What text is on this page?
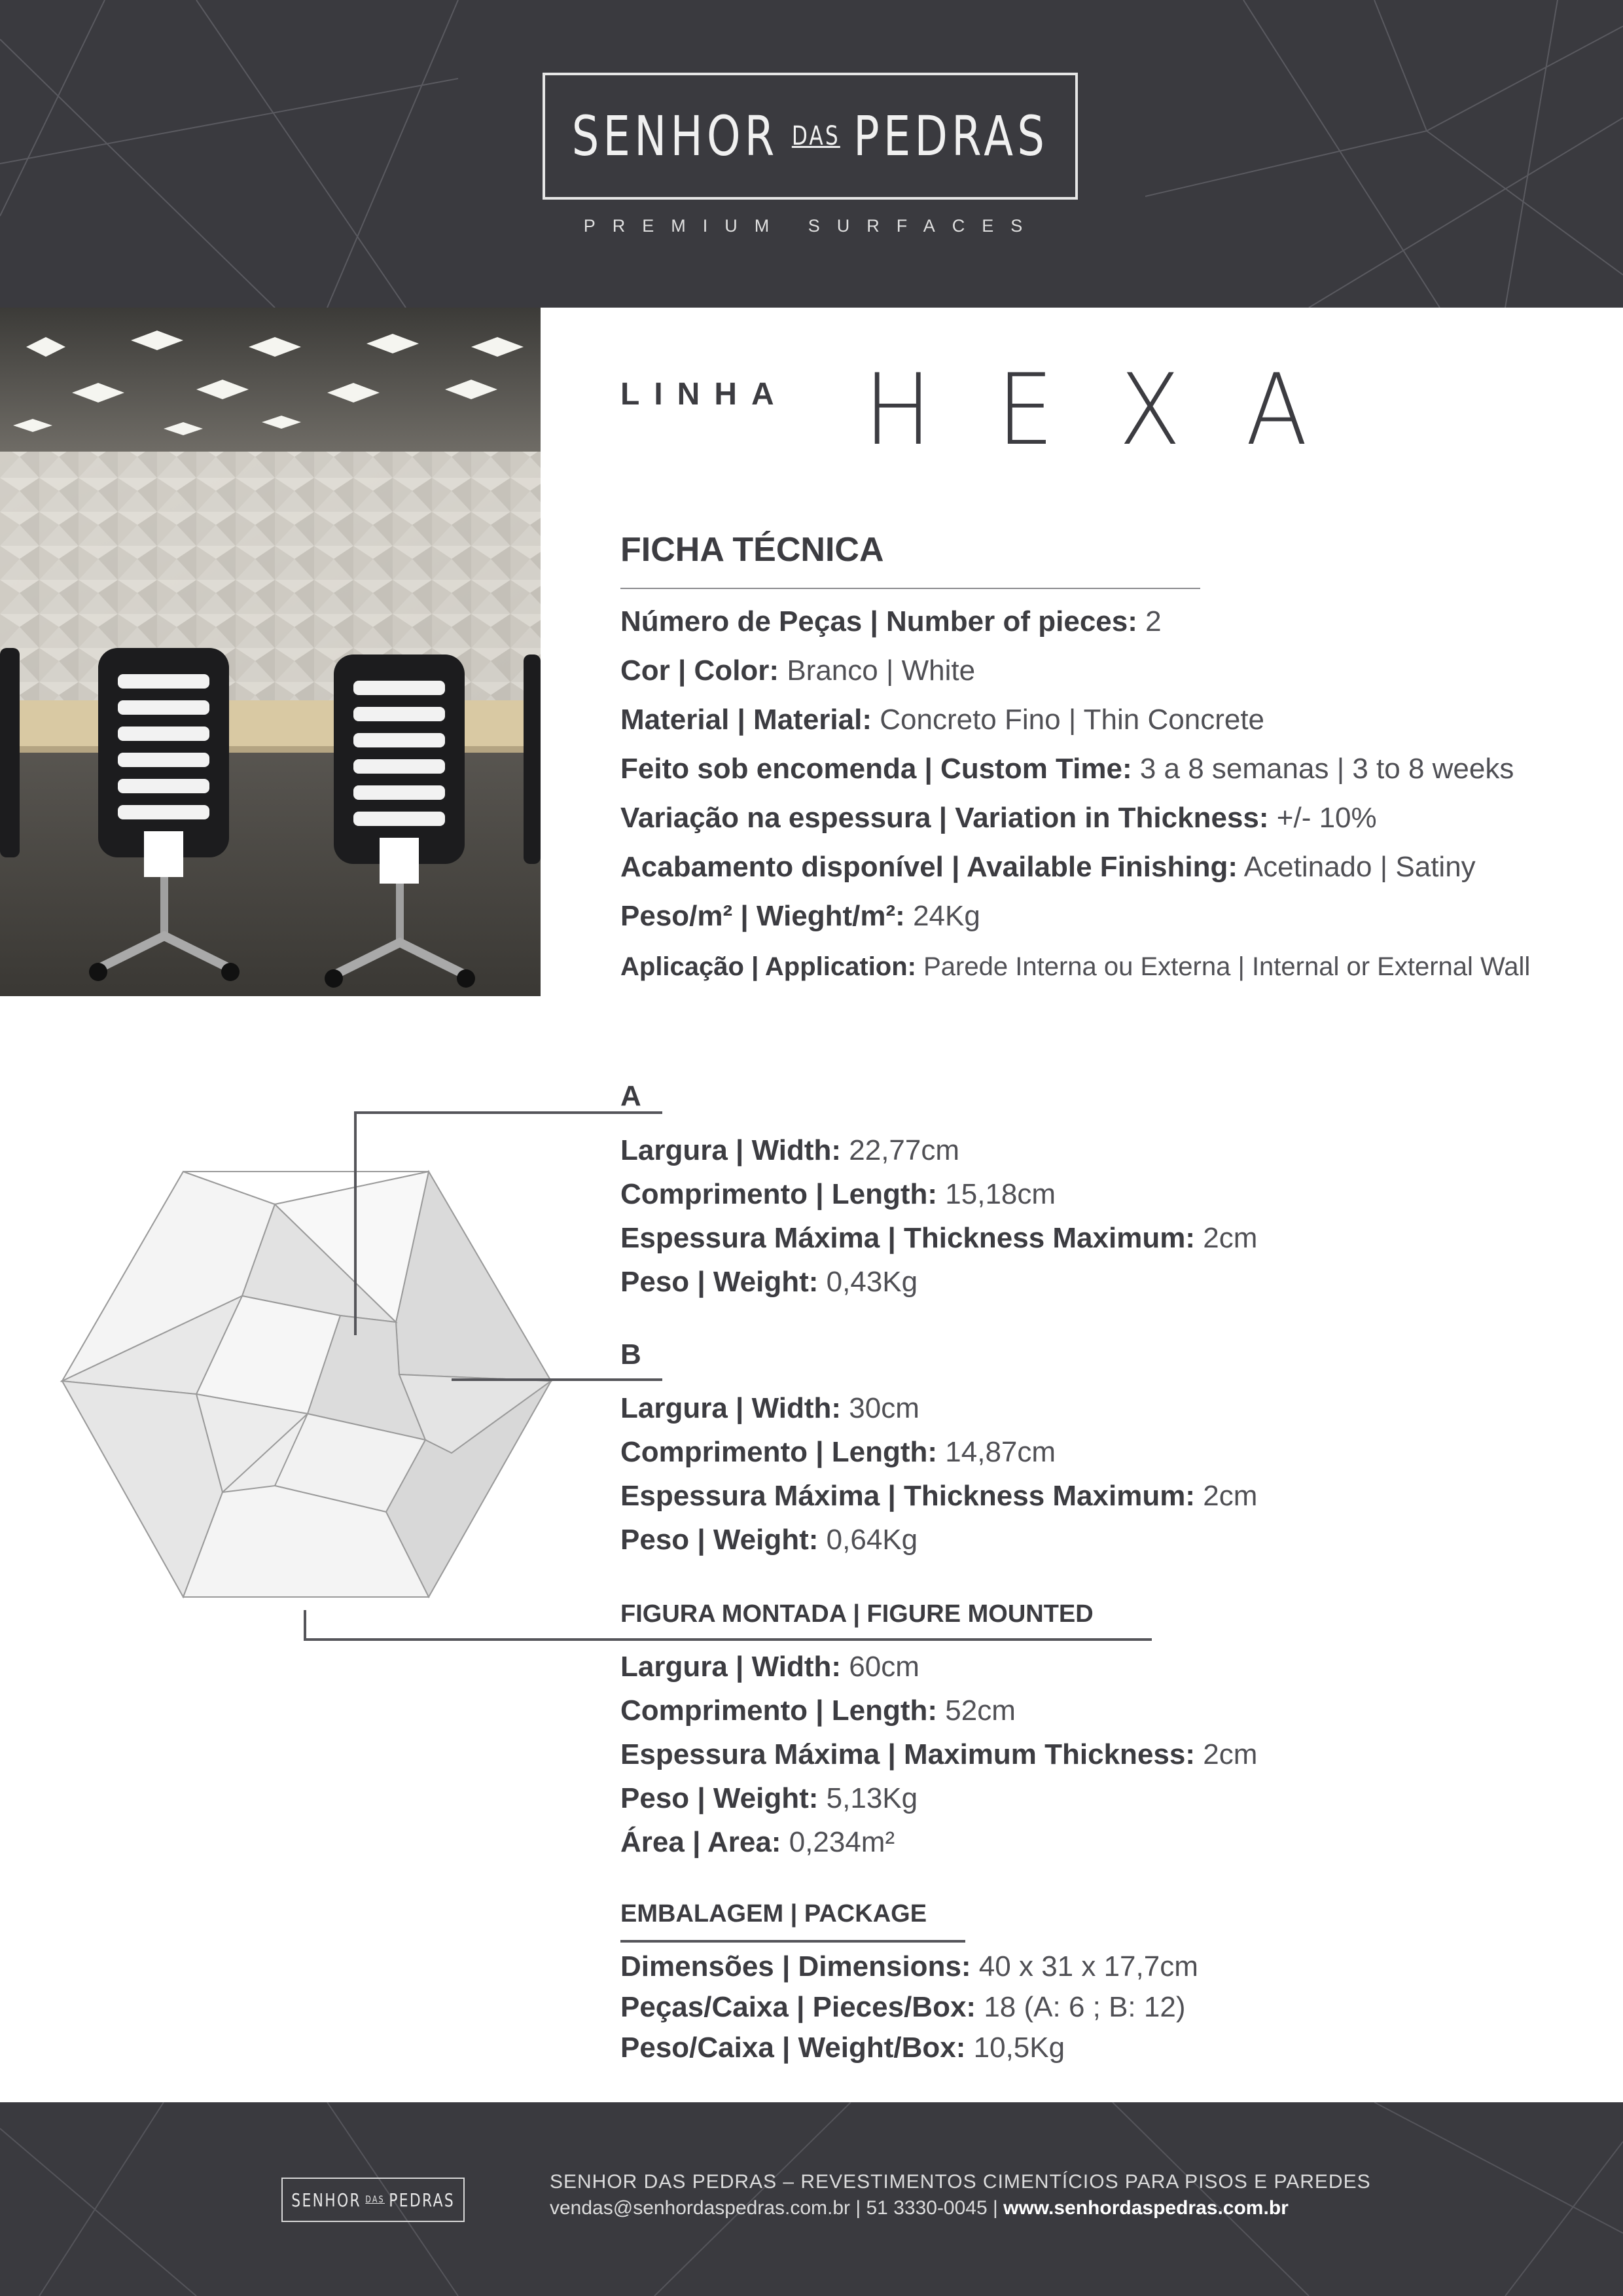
SENHOR DAS PEDRAS
PREMIUM SURFACES
LINHA HEXA
FICHA TÉCNICA
Número de Peças | Number of pieces: 2
Cor | Color: Branco | White
Material | Material: Concreto Fino | Thin Concrete
Feito sob encomenda | Custom Time: 3 a 8 semanas | 3 to 8 weeks
Variação na espessura | Variation in Thickness: +/- 10%
Acabamento disponível | Available Finishing: Acetinado | Satiny
Peso/m² | Wieght/m²: 24Kg
Aplicação | Application: Parede Interna ou Externa | Internal or External Wall
A
Largura | Width: 22,77cm
Comprimento | Length: 15,18cm
Espessura Máxima | Thickness Maximum: 2cm
Peso | Weight: 0,43Kg
B
Largura | Width: 30cm
Comprimento | Length: 14,87cm
Espessura Máxima | Thickness Maximum: 2cm
Peso | Weight: 0,64Kg
FIGURA MONTADA | FIGURE MOUNTED
Largura | Width: 60cm
Comprimento | Length: 52cm
Espessura Máxima | Maximum Thickness: 2cm
Peso | Weight: 5,13Kg
Área | Area: 0,234m²
EMBALAGEM | PACKAGE
Dimensões | Dimensions: 40 x 31 x 17,7cm
Peças/Caixa | Pieces/Box: 18 (A: 6 ; B: 12)
Peso/Caixa | Weight/Box: 10,5Kg
SENHOR DAS PEDRAS
SENHOR DAS PEDRAS – REVESTIMENTOS CIMENTÍCIOS PARA PISOS E PAREDES
vendas@senhordaspedras.com.br | 51 3330-0045 | www.senhordaspedras.com.br
